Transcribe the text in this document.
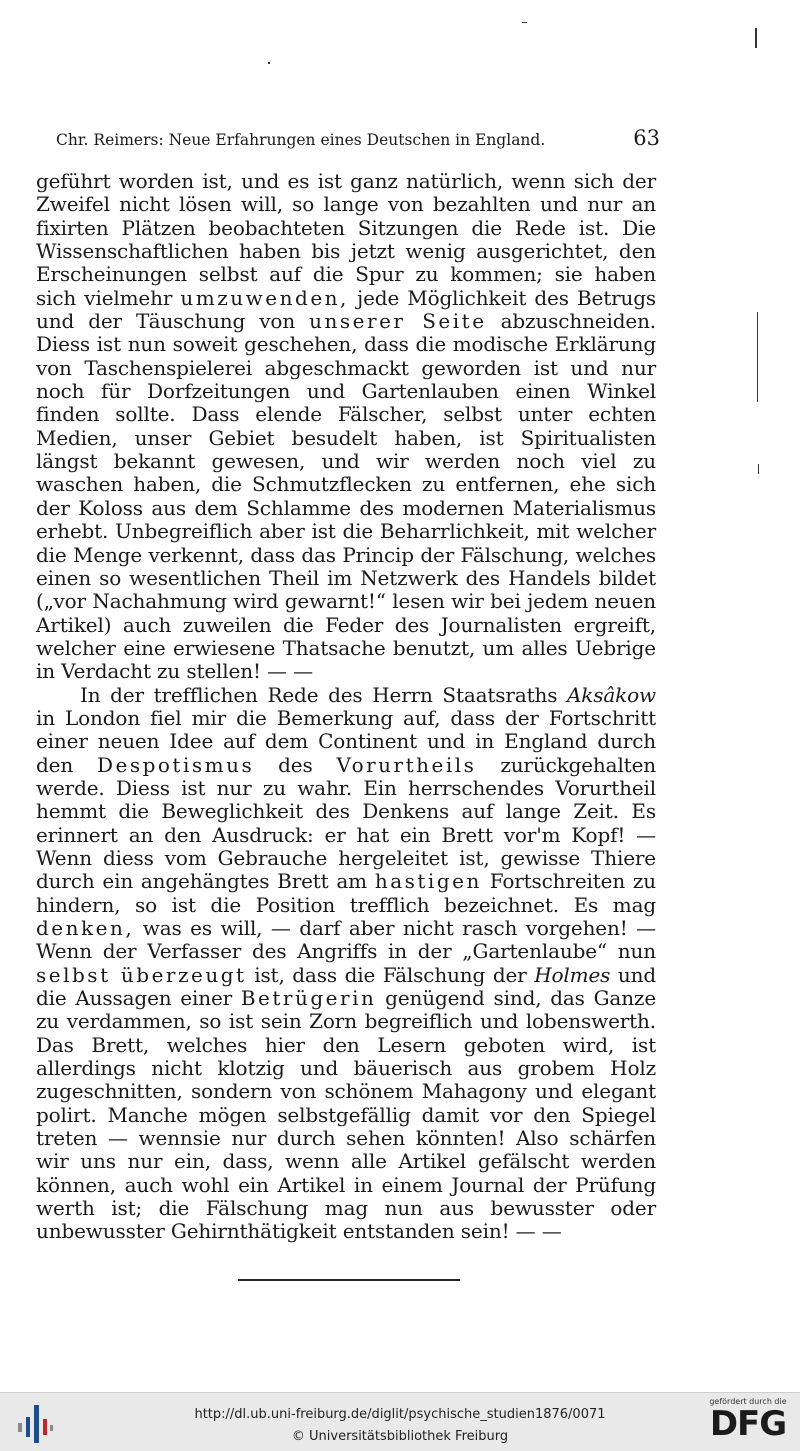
Chr. Reimers: Neue Erfahrungen eines Deutschen in England.	63

geführt worden ist, und es ist ganz natürlich, wenn sich der Zweifel nicht lösen will, so lange von bezahlten und nur an fixirten Plätzen beobachteten Sitzungen die Rede ist. Die Wissenschaftlichen haben bis jetzt wenig ausgerichtet, den Erscheinungen selbst auf die Spur zu kommen; sie haben sich vielmehr umzuwenden, jede Möglichkeit des Betrugs und der Täuschung von unserer Seite abzuschneiden. Diess ist nun soweit geschehen, dass die modische Erklärung von Taschenspielerei abgeschmackt geworden ist und nur noch für Dorfzeitungen und Gartenlauben einen Winkel finden sollte. Dass elende Fälscher, selbst unter echten Medien, unser Gebiet besudelt haben, ist Spiritualisten längst bekannt gewesen, und wir werden noch viel zu waschen haben, die Schmutzflecken zu entfernen, ehe sich der Koloss aus dem Schlamme des modernen Materialismus erhebt. Unbegreiflich aber ist die Beharrlichkeit, mit welcher die Menge verkennt, dass das Princip der Fälschung, welches einen so wesentlichen Theil im Netzwerk des Handels bildet („vor Nachahmung wird gewarnt!“ lesen wir bei jedem neuen Artikel) auch zuweilen die Feder des Journalisten ergreift, welcher eine erwiesene Thatsache benutzt, um alles Uebrige in Verdacht zu stellen! — —

In der trefflichen Rede des Herrn Staatsraths Aksâkow in London fiel mir die Bemerkung auf, dass der Fortschritt einer neuen Idee auf dem Continent und in England durch den Despotismus des Vorurtheils zurückgehalten werde. Diess ist nur zu wahr. Ein herrschendes Vorurtheil hemmt die Beweglichkeit des Denkens auf lange Zeit. Es erinnert an den Ausdruck: er hat ein Brett vor'm Kopf! — Wenn diess vom Gebrauche hergeleitet ist, gewisse Thiere durch ein angehängtes Brett am hastigen Fortschreiten zu hindern, so ist die Position trefflich bezeichnet. Es mag denken, was es will, — darf aber nicht rasch vorgehen! — Wenn der Verfasser des Angriffs in der „Gartenlaube“ nun selbst überzeugt ist, dass die Fälschung der Holmes und die Aussagen einer Betrügerin genügend sind, das Ganze zu verdammen, so ist sein Zorn begreiflich und lobenswerth. Das Brett, welches hier den Lesern geboten wird, ist allerdings nicht klotzig und bäuerisch aus grobem Holz zugeschnitten, sondern von schönem Mahagony und elegant polirt. Manche mögen selbstgefällig damit vor den Spiegel treten — wennsie nur durch sehen könnten! Also schärfen wir uns nur ein, dass, wenn alle Artikel gefälscht werden können, auch wohl ein Artikel in einem Journal der Prüfung werth ist; die Fälschung mag nun aus bewusster oder unbewusster Gehirnthätigkeit entstanden sein! — —

http://dl.ub.uni-freiburg.de/diglit/psychische_studien1876/0071
© Universitätsbibliothek Freiburg
gefördert durch die
DFG
